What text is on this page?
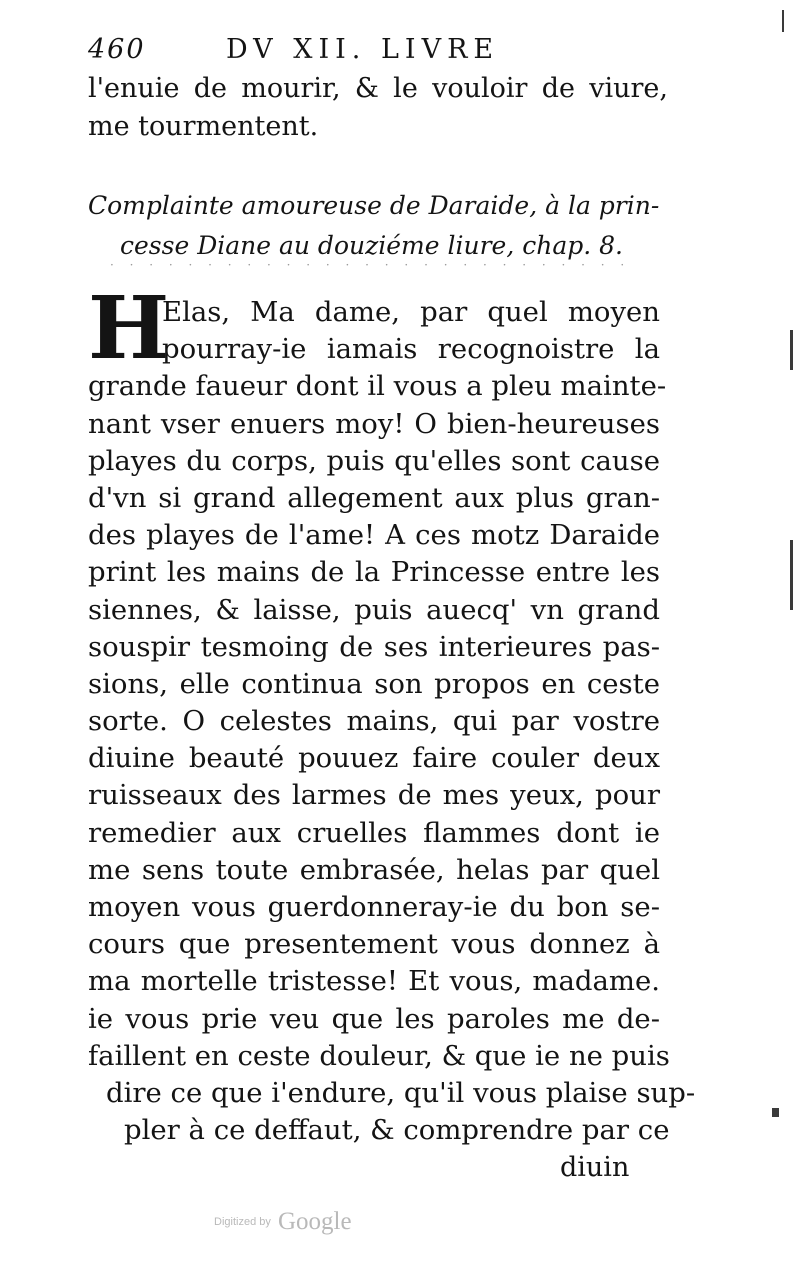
460	DV XII. LIVRE
l'enuie de mourir, & le vouloir de viure,
me tourmentent.
Complainte amoureuse de Daraide, à la prin-
cesse Diane au douziéme liure, chap. 8.
· · · · · · · · · · · · · · · · · · · · · · · · · · ·
H
Elas, Ma dame, par quel moyen
pourray-ie iamais recognoistre la
grande faueur dont il vous a pleu mainte-
nant vser enuers moy! O bien-heureuses
playes du corps, puis qu'elles sont cause
d'vn si grand allegement aux plus gran-
des playes de l'ame! A ces motz Daraide
print les mains de la Princesse entre les
siennes, & laisse, puis auecq' vn grand
souspir tesmoing de ses interieures pas-
sions, elle continua son propos en ceste
sorte. O celestes mains, qui par vostre
diuine beauté pouuez faire couler deux
ruisseaux des larmes de mes yeux, pour
remedier aux cruelles flammes dont ie
me sens toute embrasée, helas par quel
moyen vous guerdonneray-ie du bon se-
cours que presentement vous donnez à
ma mortelle tristesse! Et vous, madame.
ie vous prie veu que les paroles me de-
faillent en ceste douleur, & que ie ne puis
dire ce que i'endure, qu'il vous plaise sup-
pler à ce deffaut, & comprendre par ce
diuin
Digitized by Google
